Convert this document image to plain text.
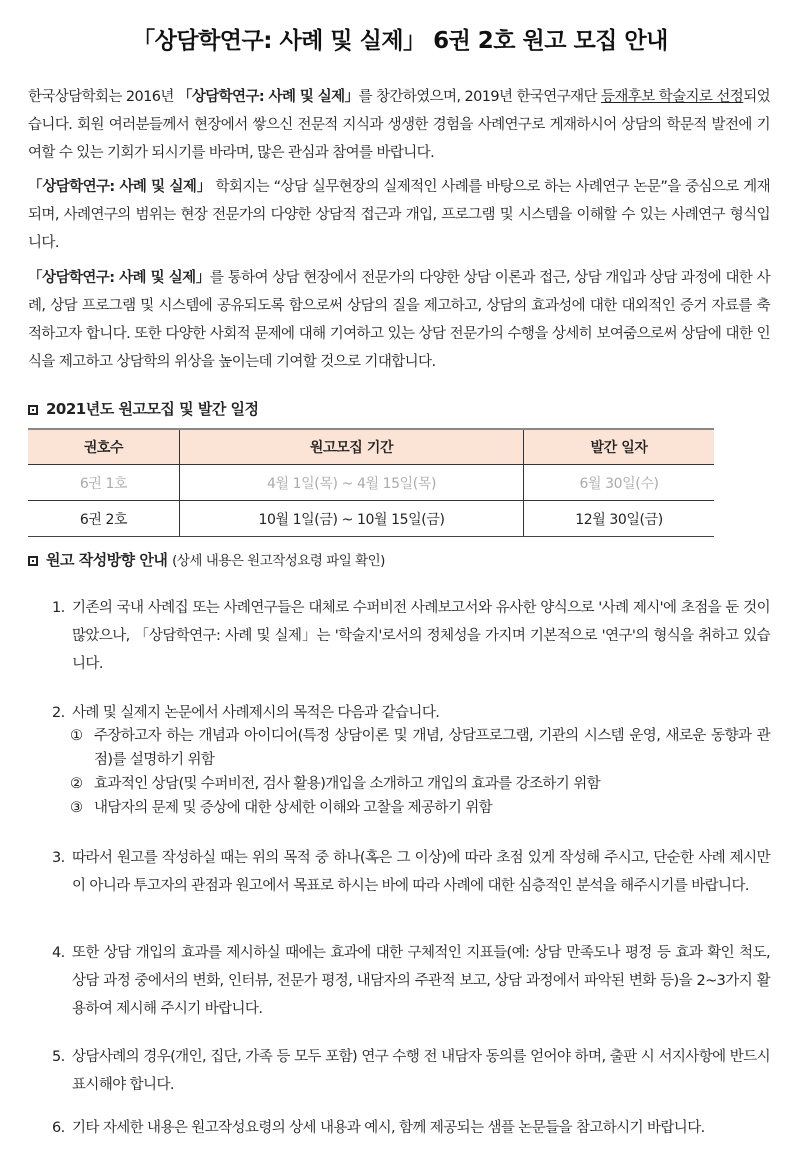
「상담학연구: 사례 및 실제」 6권 2호 원고 모집 안내
한국상담학회는 2016년 「상담학연구: 사례 및 실제」를 창간하였으며, 2019년 한국연구재단 등재후보 학술지로 선정되었습니다. 회원 여러분들께서 현장에서 쌓으신 전문적 지식과 생생한 경험을 사례연구로 게재하시어 상담의 학문적 발전에 기여할 수 있는 기회가 되시기를 바라며, 많은 관심과 참여를 바랍니다.
「상담학연구: 사례 및 실제」 학회지는 “상담 실무현장의 실제적인 사례를 바탕으로 하는 사례연구 논문”을 중심으로 게재되며, 사례연구의 범위는 현장 전문가의 다양한 상담적 접근과 개입, 프로그램 및 시스템을 이해할 수 있는 사례연구 형식입니다.
「상담학연구: 사례 및 실제」를 통하여 상담 현장에서 전문가의 다양한 상담 이론과 접근, 상담 개입과 상담 과정에 대한 사례, 상담 프로그램 및 시스템에 공유되도록 함으로써 상담의 질을 제고하고, 상담의 효과성에 대한 대외적인 증거 자료를 축적하고자 합니다. 또한 다양한 사회적 문제에 대해 기여하고 있는 상담 전문가의 수행을 상세히 보여줌으로써 상담에 대한 인식을 제고하고 상담학의 위상을 높이는데 기여할 것으로 기대합니다.
2021년도 원고모집 및 발간 일정
권호수	원고모집 기간	발간 일자
6권 1호	4월 1일(목) ~ 4월 15일(목)	6월 30일(수)
6권 2호	10월 1일(금) ~ 10월 15일(금)	12월 30일(금)
원고 작성방향 안내 (상세 내용은 원고작성요령 파일 확인)
1. 기존의 국내 사례집 또는 사례연구들은 대체로 수퍼비전 사례보고서와 유사한 양식으로 '사례 제시'에 초점을 둔 것이 많았으나, 「상담학연구: 사례 및 실제」는 '학술지'로서의 정체성을 가지며 기본적으로 '연구'의 형식을 취하고 있습니다.
2. 사례 및 실제지 논문에서 사례제시의 목적은 다음과 같습니다.
① 주장하고자 하는 개념과 아이디어(특정 상담이론 및 개념, 상담프로그램, 기관의 시스템 운영, 새로운 동향과 관점)를 설명하기 위함
② 효과적인 상담(및 수퍼비전, 검사 활용)개입을 소개하고 개입의 효과를 강조하기 위함
③ 내담자의 문제 및 증상에 대한 상세한 이해와 고찰을 제공하기 위함
3. 따라서 원고를 작성하실 때는 위의 목적 중 하나(혹은 그 이상)에 따라 초점 있게 작성해 주시고, 단순한 사례 제시만이 아니라 투고자의 관점과 원고에서 목표로 하시는 바에 따라 사례에 대한 심층적인 분석을 해주시기를 바랍니다.
4. 또한 상담 개입의 효과를 제시하실 때에는 효과에 대한 구체적인 지표들(예: 상담 만족도나 평정 등 효과 확인 척도, 상담 과정 중에서의 변화, 인터뷰, 전문가 평정, 내담자의 주관적 보고, 상담 과정에서 파악된 변화 등)을 2~3가지 활용하여 제시해 주시기 바랍니다.
5. 상담사례의 경우(개인, 집단, 가족 등 모두 포함) 연구 수행 전 내담자 동의를 얻어야 하며, 출판 시 서지사항에 반드시 표시해야 합니다.
6. 기타 자세한 내용은 원고작성요령의 상세 내용과 예시, 함께 제공되는 샘플 논문들을 참고하시기 바랍니다.
